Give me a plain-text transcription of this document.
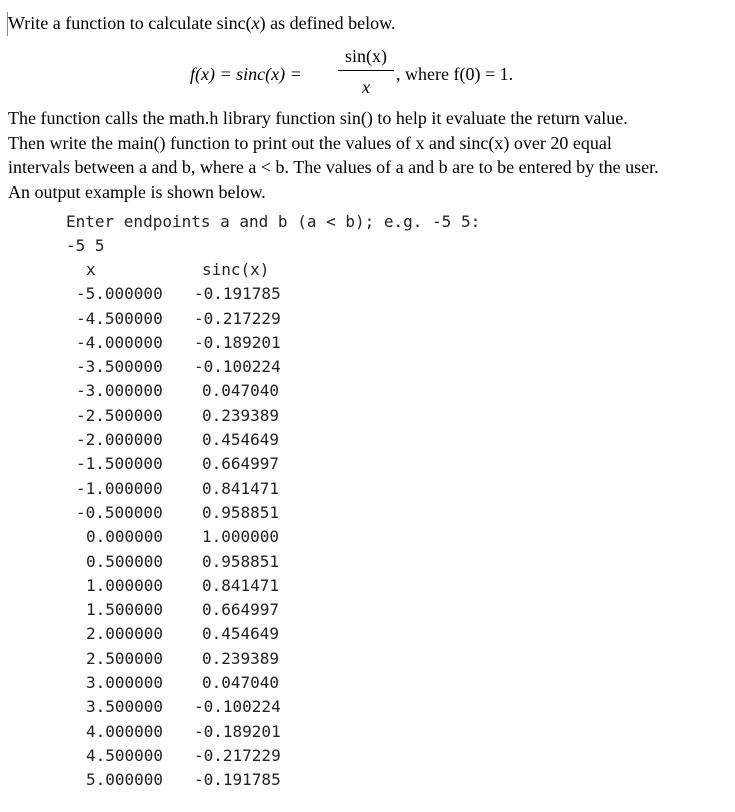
Write a function to calculate sinc(x) as defined below.
f(x) = sinc(x) =
sin(x)
x
, where f(0) = 1.
The function calls the math.h library function sin() to help it evaluate the return value.
Then write the main() function to print out the values of x and sinc(x) over 20 equal
intervals between a and b, where a < b. The values of a and b are to be entered by the user.
An output example is shown below.
Enter endpoints a and b (a < b); e.g. -5 5:
-5 5
x	sinc(x)
-5.000000 -0.191785
-4.500000 -0.217229
-4.000000 -0.189201
-3.500000 -0.100224
-3.000000 0.047040
-2.500000 0.239389
-2.000000 0.454649
-1.500000 0.664997
-1.000000 0.841471
-0.500000 0.958851
0.000000 1.000000
0.500000 0.958851
1.000000 0.841471
1.500000 0.664997
2.000000 0.454649
2.500000 0.239389
3.000000 0.047040
3.500000 -0.100224
4.000000 -0.189201
4.500000 -0.217229
5.000000 -0.191785
